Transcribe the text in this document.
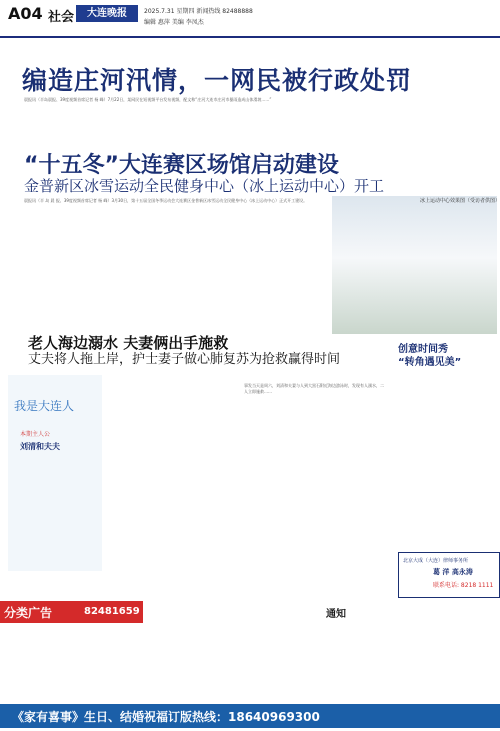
A04 社会	大连晚报	2025.7.31 星期四 新闻热线 82488888
编辑 惠萍 美编 李凤杰
编造庄河汛情，一网民被行政处罚
晨报讯（半岛晨报、39度视频首席记者 杨 峰）7月22日，某网民在短视频平台发布视频，配文称“庄河大连市庄河市暴雨造成山体滑坡……”
“十五冬”大连赛区场馆启动建设
金普新区冰雪运动全民健身中心（冰上运动中心）开工
晨报讯（半 岛 晨 报、39度视频首席记者 杨 峰）3月30日，第十五届全国冬季运动会大连赛区金普新区冰雪运动全民健身中心（冰上运动中心）正式开工建设。	冰上运动中心效果图（受访者供图）
老人海边溺水 夫妻俩出手施救
丈夫将人拖上岸，护士妻子做心肺复苏为抢救赢得时间
我是大连人
本期主人公
刘清和夫夫
事发当天是周六，刘清和夫妻与人到大黑石附近海边游泳时，发现有人溺水，二人立即施救……
创意时间秀
“转角遇见美”
北京大成（大连）律师事务所
葛 洋 高永涛
联系电话: 8218 1111
分类广告	82481659	通知
《家有喜事》生日、结婚祝福订版热线：18640969300
